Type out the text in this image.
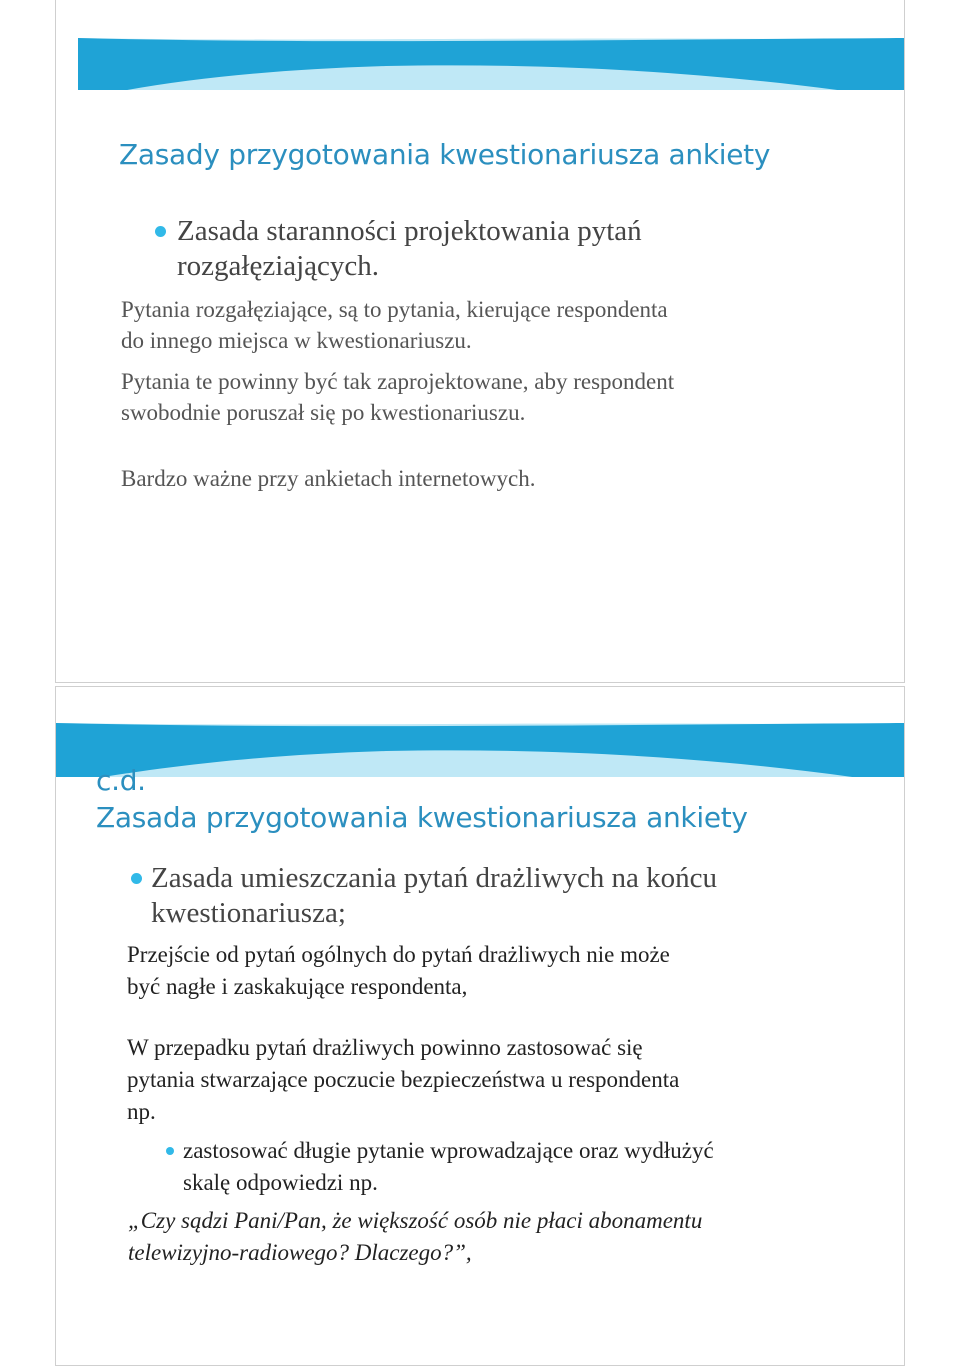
Zasady przygotowania kwestionariusza ankiety
Zasada staranności projektowania pytań
rozgałęziających.
Pytania rozgałęziające, są to pytania, kierujące respondenta
do innego miejsca w kwestionariuszu.
Pytania te powinny być tak zaprojektowane, aby respondent
swobodnie poruszał się po kwestionariuszu.
Bardzo ważne przy ankietach internetowych.
c.d.
Zasada przygotowania kwestionariusza ankiety
Zasada umieszczania pytań drażliwych na końcu
kwestionariusza;
Przejście od pytań ogólnych do pytań drażliwych nie może
być nagłe i zaskakujące respondenta,
W przepadku pytań drażliwych powinno zastosować się
pytania stwarzające poczucie bezpieczeństwa u respondenta
np.
zastosować długie pytanie wprowadzające oraz wydłużyć
skalę odpowiedzi np.
„Czy sądzi Pani/Pan, że większość osób nie płaci abonamentu
telewizyjno-radiowego? Dlaczego?”,
